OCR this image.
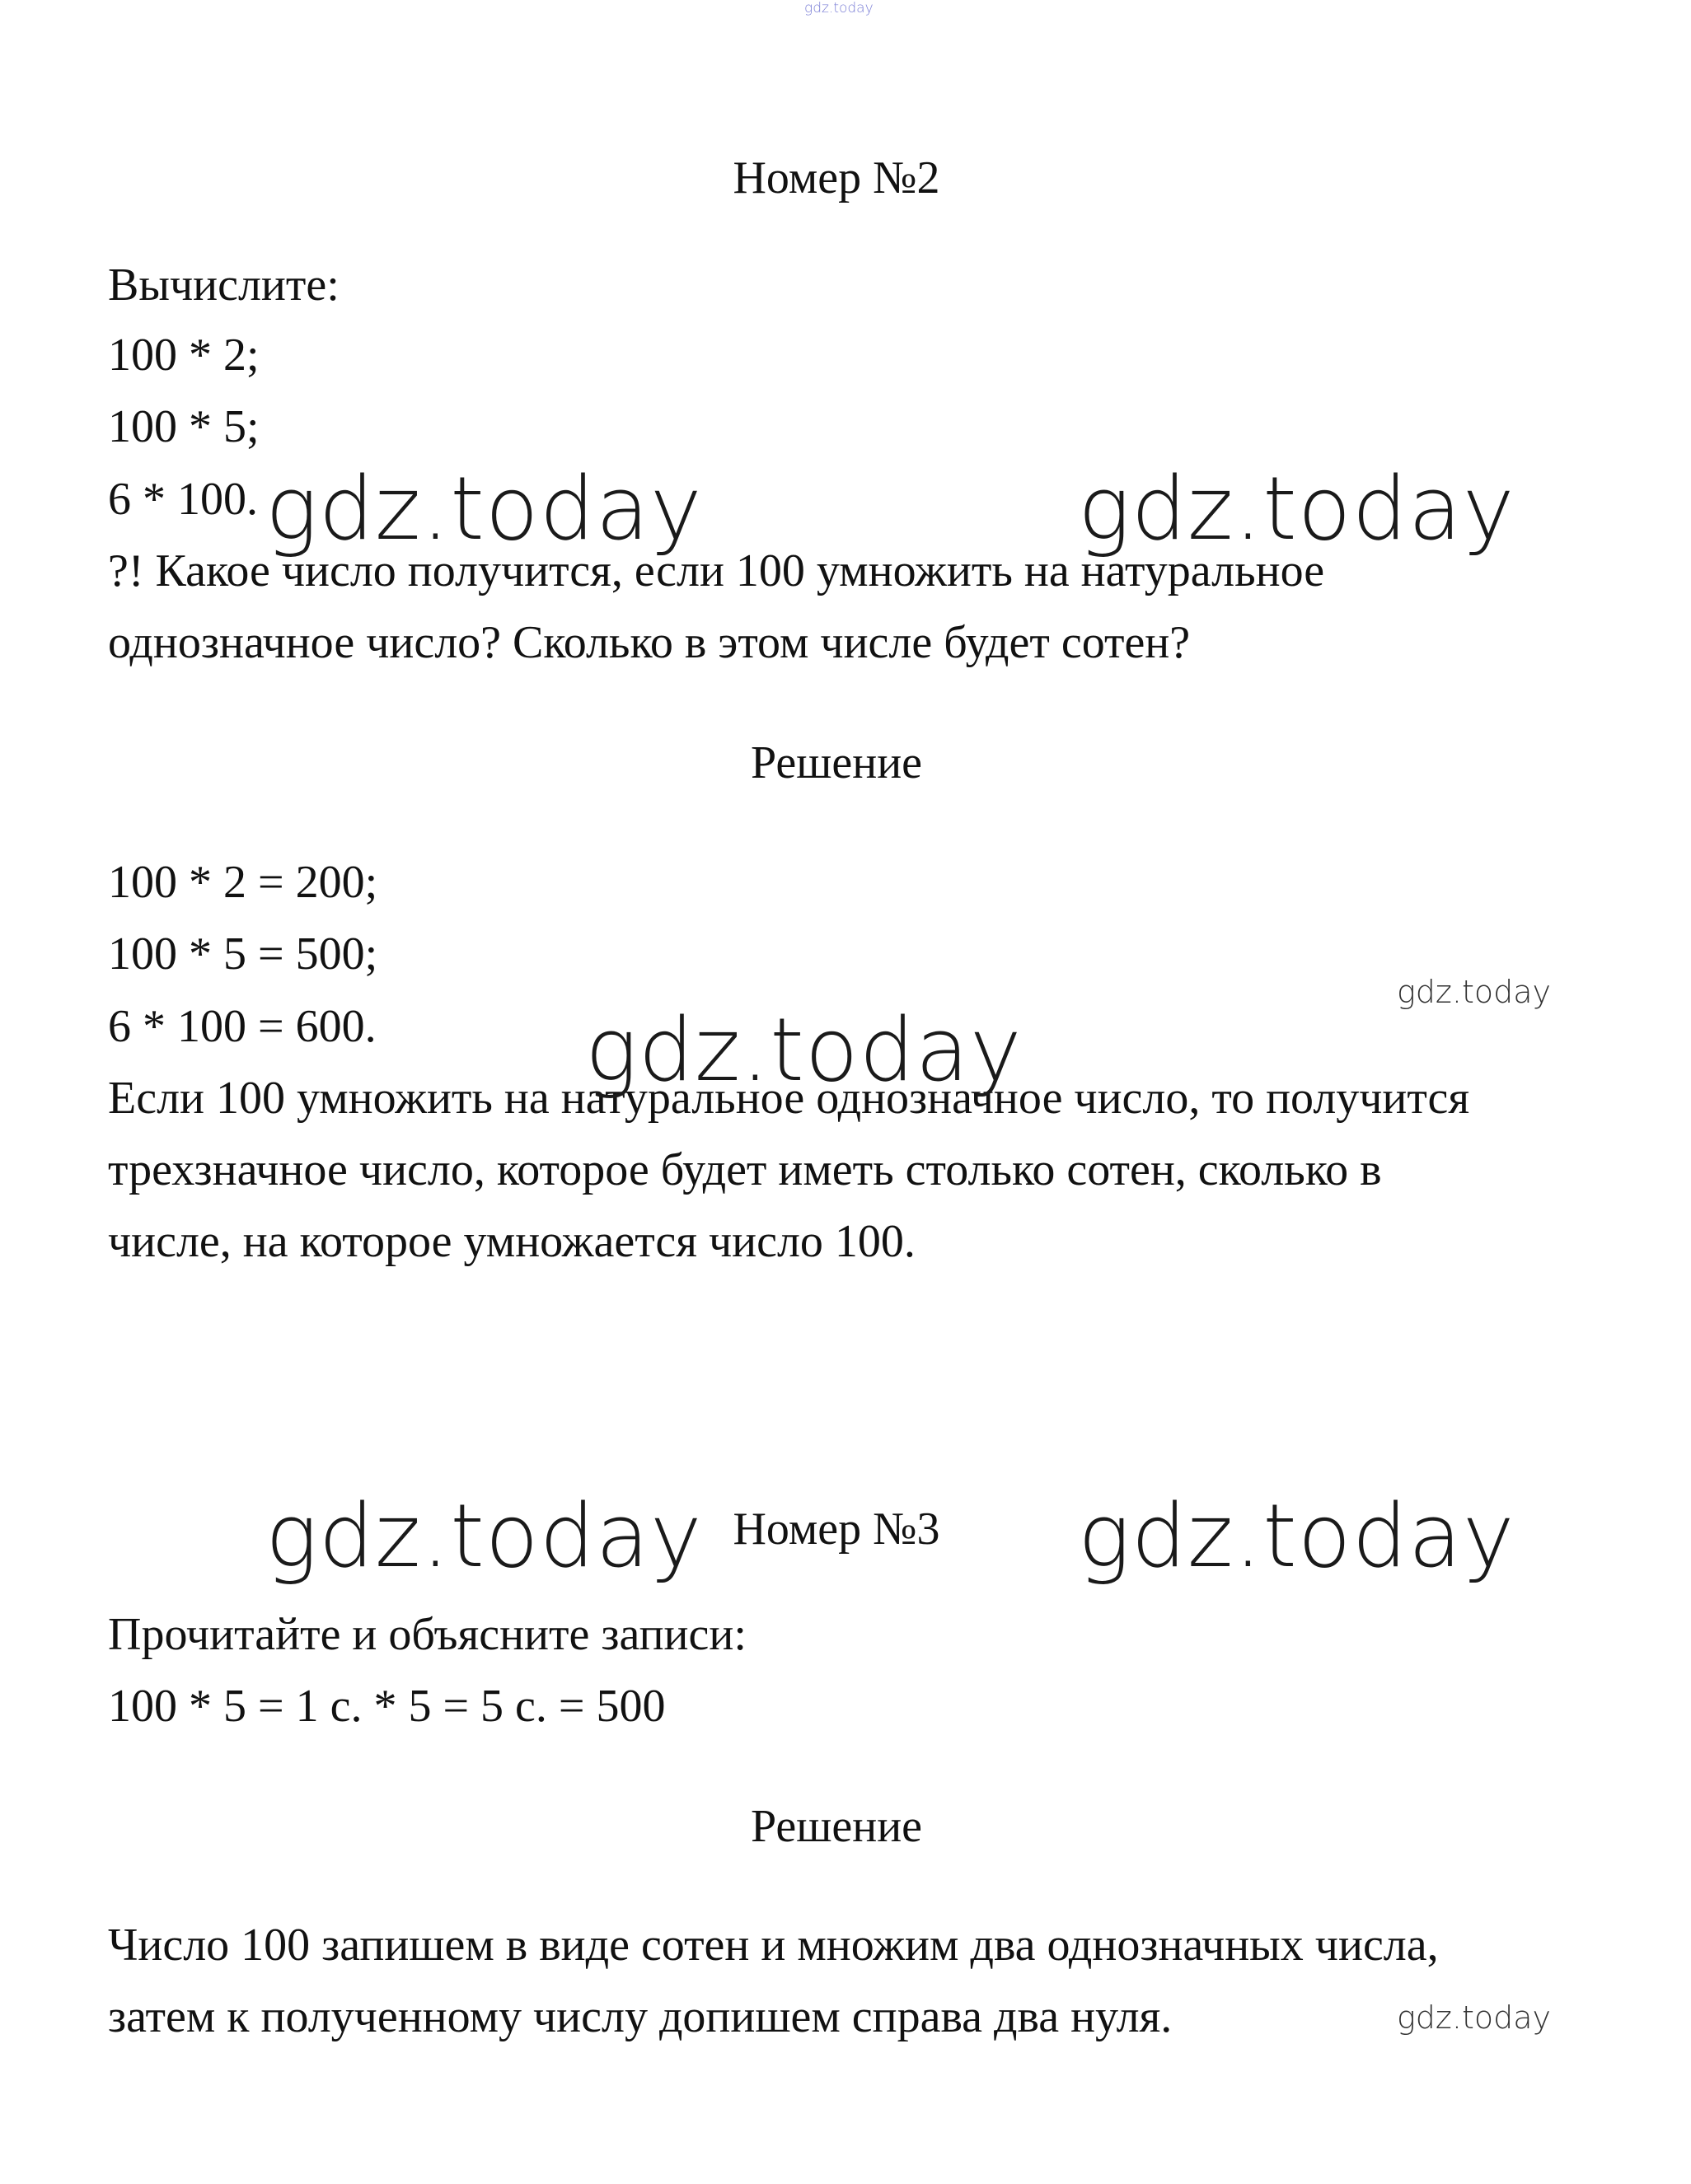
gdz.today
Номер №2
Вычислите:
100 * 2;
100 * 5;
6 * 100.
?! Какое число получится, если 100 умножить на натуральное
однозначное число? Сколько в этом числе будет сотен?
Решение
100 * 2 = 200;
100 * 5 = 500;
6 * 100 = 600.
Если 100 умножить на натуральное однозначное число, то получится
трехзначное число, которое будет иметь столько сотен, сколько в
числе, на которое умножается число 100.
Номер №3
Прочитайте и объясните записи:
100 * 5 = 1 с. * 5 = 5 с. = 500
Решение
Число 100 запишем в виде сотен и множим два однозначных числа,
затем к полученному числу допишем справа два нуля.
gdz.today	gdz.today
gdz.today
gdz.today
gdz.today	gdz.today
gdz.today
